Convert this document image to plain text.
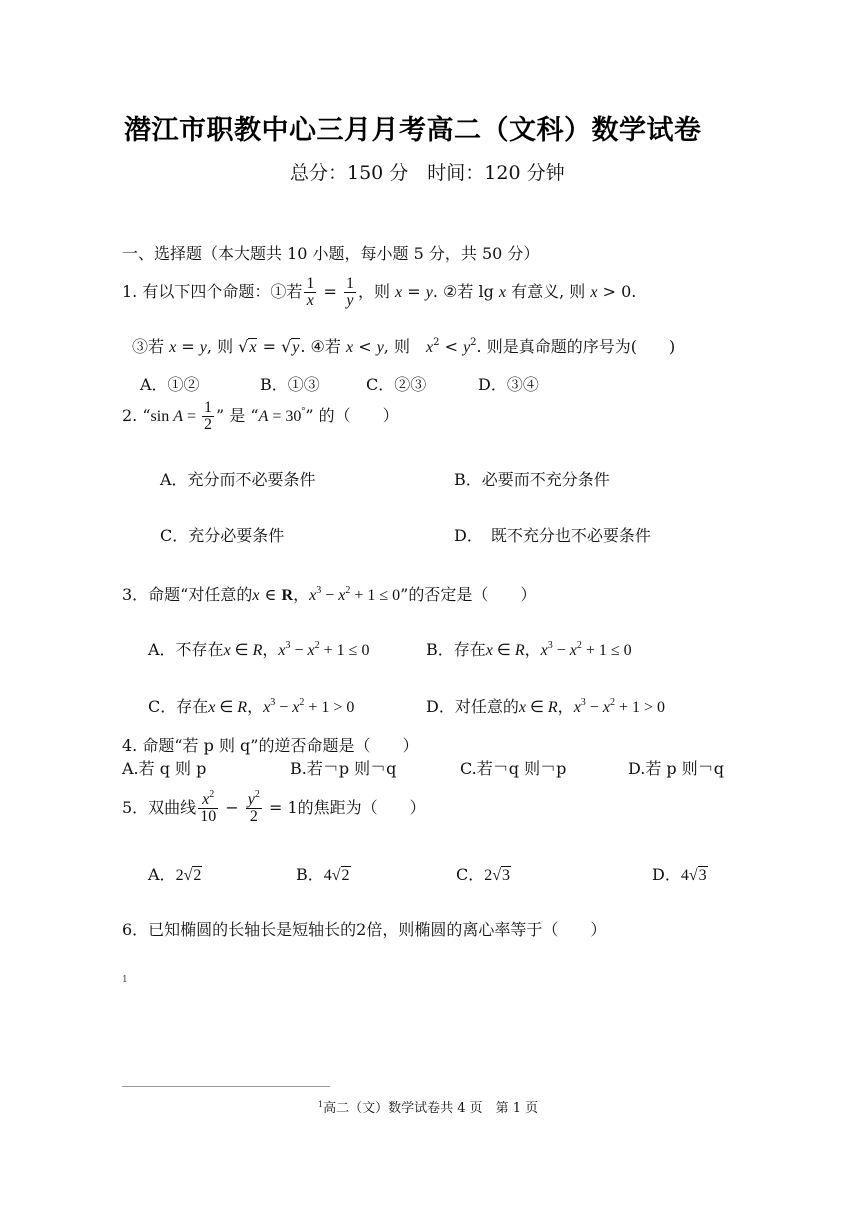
潜江市职教中心三月月考高二（文科）数学试卷
总分：150 分　时间：120 分钟
一、选择题（本大题共 10 小题，每小题 5 分，共 50 分）
1. 有以下四个命题：①若 $\frac{1}{x} = \frac{1}{y}$ ，则 x = y. ②若 lg x 有意义, 则 x > 0.
③若 x = y, 则 √x = √y. ④若 x < y, 则　 $x^2 < y^2$. 则是真命题的序号为(　　)
A．①②	B．①③	C．②③	D．③④
2. “sin $A = \frac{1}{2}$ ” 是 “A = 30°” 的（　　）
A．充分而不必要条件	B．必要而不充分条件
C．充分必要条件	D．　既不充分也不必要条件
3．命题“对任意的x ∈ R，$x^3 - x^2 + 1 \le 0$”的否定是（　　）
A．不存在x ∈ R，$x^3 - x^2 + 1 \le 0$	B．存在x ∈ R，$x^3 - x^2 + 1 \le 0$
C．存在x ∈ R，$x^3 - x^2 + 1 > 0$	D．对任意的x ∈ R，$x^3 - x^2 + 1 > 0$
4. 命题“若 p 则 q”的逆否命题是（　　）
A.若 q 则 p	B.若￢p 则￢q	C.若￢q 则￢p	D.若 p 则￢q
5．双曲线 $\frac{x^2}{10} - \frac{y^2}{2} = 1$的焦距为（　　）
A．2√2	B．4√2	C．2√3	D．4√3
6．已知椭圆的长轴长是短轴长的2倍，则椭圆的离心率等于（　　）
1
$^1$高二（文）数学试卷共 4 页　第 1 页
